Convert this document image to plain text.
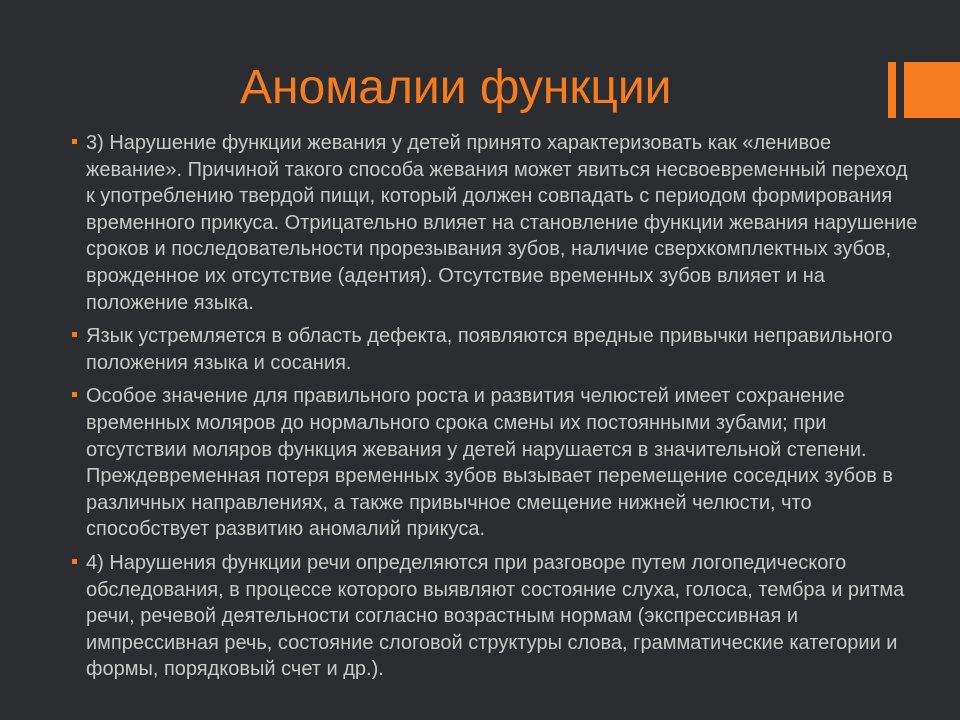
Аномалии функции
3) Нарушение функции жевания у детей принято характеризовать как «ленивое жевание». Причиной такого способа жевания может явиться несвоевременный переход к употреблению твердой пищи, который должен совпадать с периодом формирования временного прикуса. Отрицательно влияет на становление функции жевания нарушение сроков и последовательности прорезывания зубов, наличие сверхкомплектных зубов, врожденное их отсутствие (адентия). Отсутствие временных зубов влияет и на положение языка.
Язык устремляется в область дефекта, появляются вредные привычки неправильного положения языка и сосания.
Особое значение для правильного роста и развития челюстей имеет сохранение временных моляров до нормального срока смены их постоянными зубами; при отсутствии моляров функция жевания у детей нарушается в значительной степени. Преждевременная потеря временных зубов вызывает перемещение соседних зубов в различных направлениях, а также привычное смещение нижней челюсти, что способствует развитию аномалий прикуса.
4) Нарушения функции речи определяются при разговоре путем логопедического обследования, в процессе которого выявляют состояние слуха, голоса, тембра и ритма речи, речевой деятельности согласно возрастным нормам (экспрессивная и импрессивная речь, состояние слоговой структуры слова, грамматические категории и формы, порядковый счет и др.).
